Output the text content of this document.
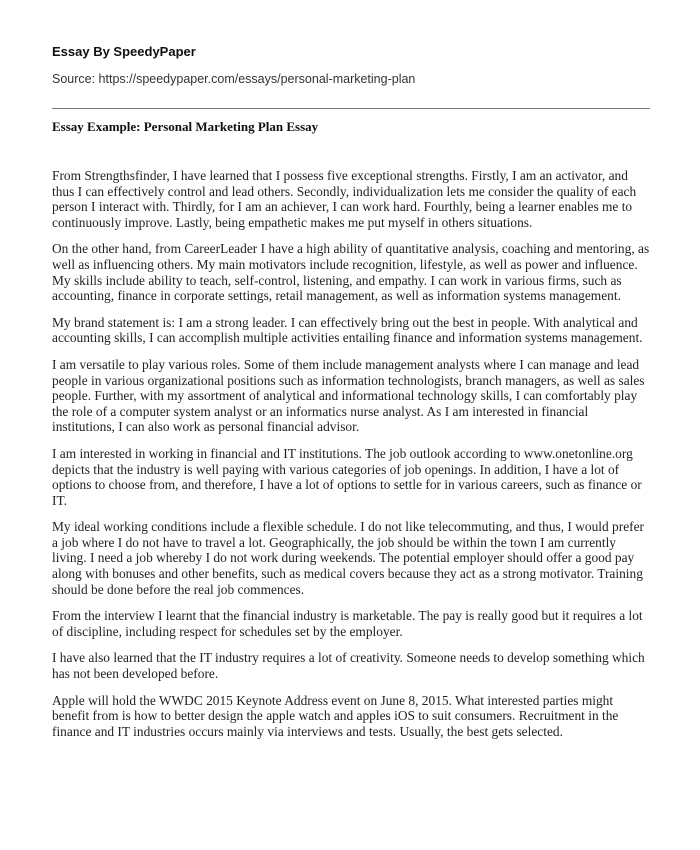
Essay By SpeedyPaper
Source: https://speedypaper.com/essays/personal-marketing-plan
Essay Example: Personal Marketing Plan Essay

From Strengthsfinder, I have learned that I possess five exceptional strengths. Firstly, I am an activator, and thus I can effectively control and lead others. Secondly, individualization lets me consider the quality of each person I interact with. Thirdly, for I am an achiever, I can work hard. Fourthly, being a learner enables me to continuously improve. Lastly, being empathetic makes me put myself in others situations.

On the other hand, from CareerLeader I have a high ability of quantitative analysis, coaching and mentoring, as well as influencing others. My main motivators include recognition, lifestyle, as well as power and influence. My skills include ability to teach, self-control, listening, and empathy. I can work in various firms, such as accounting, finance in corporate settings, retail management, as well as information systems management.

My brand statement is: I am a strong leader. I can effectively bring out the best in people. With analytical and accounting skills, I can accomplish multiple activities entailing finance and information systems management.

I am versatile to play various roles. Some of them include management analysts where I can manage and lead people in various organizational positions such as information technologists, branch managers, as well as sales people. Further, with my assortment of analytical and informational technology skills, I can comfortably play the role of a computer system analyst or an informatics nurse analyst. As I am interested in financial institutions, I can also work as personal financial advisor.

I am interested in working in financial and IT institutions. The job outlook according to www.onetonline.org depicts that the industry is well paying with various categories of job openings. In addition, I have a lot of options to choose from, and therefore, I have a lot of options to settle for in various careers, such as finance or IT.

My ideal working conditions include a flexible schedule. I do not like telecommuting, and thus, I would prefer a job where I do not have to travel a lot. Geographically, the job should be within the town I am currently living. I need a job whereby I do not work during weekends. The potential employer should offer a good pay along with bonuses and other benefits, such as medical covers because they act as a strong motivator. Training should be done before the real job commences.

From the interview I learnt that the financial industry is marketable. The pay is really good but it requires a lot of discipline, including respect for schedules set by the employer.

I have also learned that the IT industry requires a lot of creativity. Someone needs to develop something which has not been developed before.

Apple will hold the WWDC 2015 Keynote Address event on June 8, 2015. What interested parties might benefit from is how to better design the apple watch and apples iOS to suit consumers. Recruitment in the finance and IT industries occurs mainly via interviews and tests. Usually, the best gets selected.
